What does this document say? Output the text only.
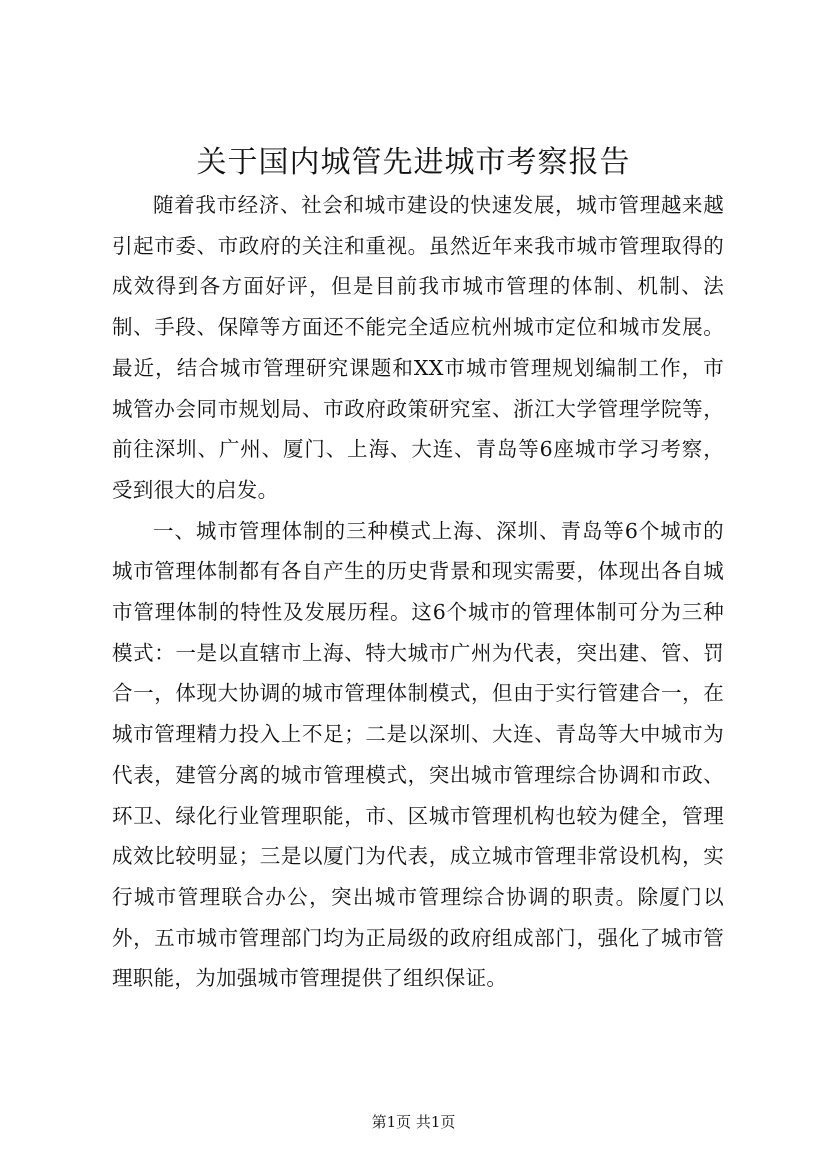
关于国内城管先进城市考察报告

随着我市经济、社会和城市建设的快速发展，城市管理越来越引起市委、市政府的关注和重视。虽然近年来我市城市管理取得的成效得到各方面好评，但是目前我市城市管理的体制、机制、法制、手段、保障等方面还不能完全适应杭州城市定位和城市发展。最近，结合城市管理研究课题和XX市城市管理规划编制工作，市城管办会同市规划局、市政府政策研究室、浙江大学管理学院等，前往深圳、广州、厦门、上海、大连、青岛等6座城市学习考察，受到很大的启发。

一、城市管理体制的三种模式上海、深圳、青岛等6个城市的城市管理体制都有各自产生的历史背景和现实需要，体现出各自城市管理体制的特性及发展历程。这6个城市的管理体制可分为三种模式：一是以直辖市上海、特大城市广州为代表，突出建、管、罚合一，体现大协调的城市管理体制模式，但由于实行管建合一，在城市管理精力投入上不足；二是以深圳、大连、青岛等大中城市为代表，建管分离的城市管理模式，突出城市管理综合协调和市政、环卫、绿化行业管理职能，市、区城市管理机构也较为健全，管理成效比较明显；三是以厦门为代表，成立城市管理非常设机构，实行城市管理联合办公，突出城市管理综合协调的职责。除厦门以外，五市城市管理部门均为正局级的政府组成部门，强化了城市管理职能，为加强城市管理提供了组织保证。

第1页 共1页
